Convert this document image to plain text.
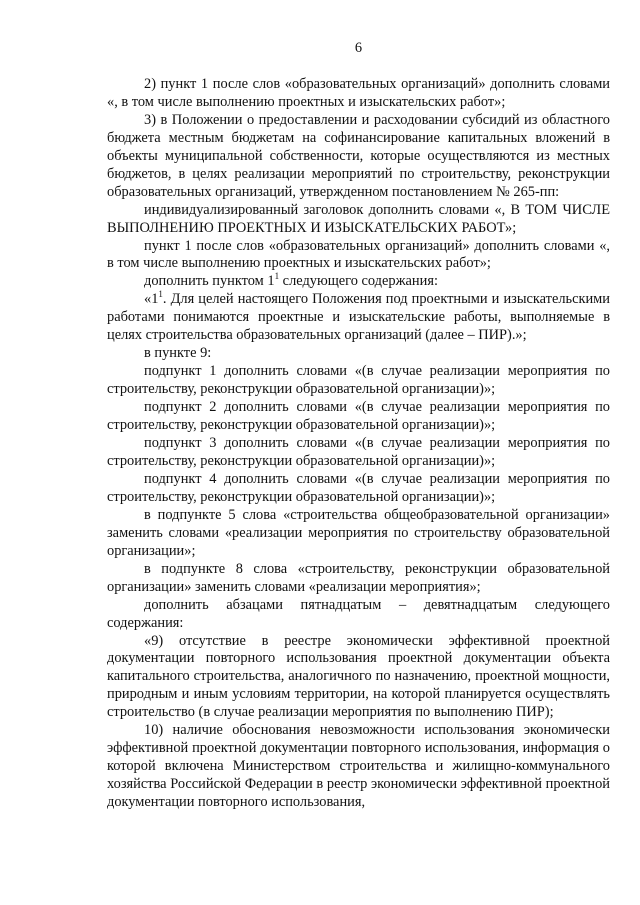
6

2) пункт 1 после слов «образовательных организаций» дополнить словами «, в том числе выполнению проектных и изыскательских работ»;

3) в Положении о предоставлении и расходовании субсидий из областного бюджета местным бюджетам на софинансирование капитальных вложений в объекты муниципальной собственности, которые осуществляются из местных бюджетов, в целях реализации мероприятий по строительству, реконструкции образовательных организаций, утвержденном постановлением № 265-пп:

индивидуализированный заголовок дополнить словами «, В ТОМ ЧИСЛЕ ВЫПОЛНЕНИЮ ПРОЕКТНЫХ И ИЗЫСКАТЕЛЬСКИХ РАБОТ»;

пункт 1 после слов «образовательных организаций» дополнить словами «, в том числе выполнению проектных и изыскательских работ»;

дополнить пунктом $1^1$ следующего содержания:

«$1^1$. Для целей настоящего Положения под проектными и изыскательскими работами понимаются проектные и изыскательские работы, выполняемые в целях строительства образовательных организаций (далее – ПИР).»;

в пункте 9:

подпункт 1 дополнить словами «(в случае реализации мероприятия по строительству, реконструкции образовательной организации)»;

подпункт 2 дополнить словами «(в случае реализации мероприятия по строительству, реконструкции образовательной организации)»;

подпункт 3 дополнить словами «(в случае реализации мероприятия по строительству, реконструкции образовательной организации)»;

подпункт 4 дополнить словами «(в случае реализации мероприятия по строительству, реконструкции образовательной организации)»;

в подпункте 5 слова «строительства общеобразовательной организации» заменить словами «реализации мероприятия по строительству образовательной организации»;

в подпункте 8 слова «строительству, реконструкции образовательной организации» заменить словами «реализации мероприятия»;

дополнить абзацами пятнадцатым – девятнадцатым следующего содержания:

«9) отсутствие в реестре экономически эффективной проектной документации повторного использования проектной документации объекта капитального строительства, аналогичного по назначению, проектной мощности, природным и иным условиям территории, на которой планируется осуществлять строительство (в случае реализации мероприятия по выполнению ПИР);

10) наличие обоснования невозможности использования экономически эффективной проектной документации повторного использования, информация о которой включена Министерством строительства и жилищно-коммунального хозяйства Российской Федерации в реестр экономически эффективной проектной документации повторного использования,
